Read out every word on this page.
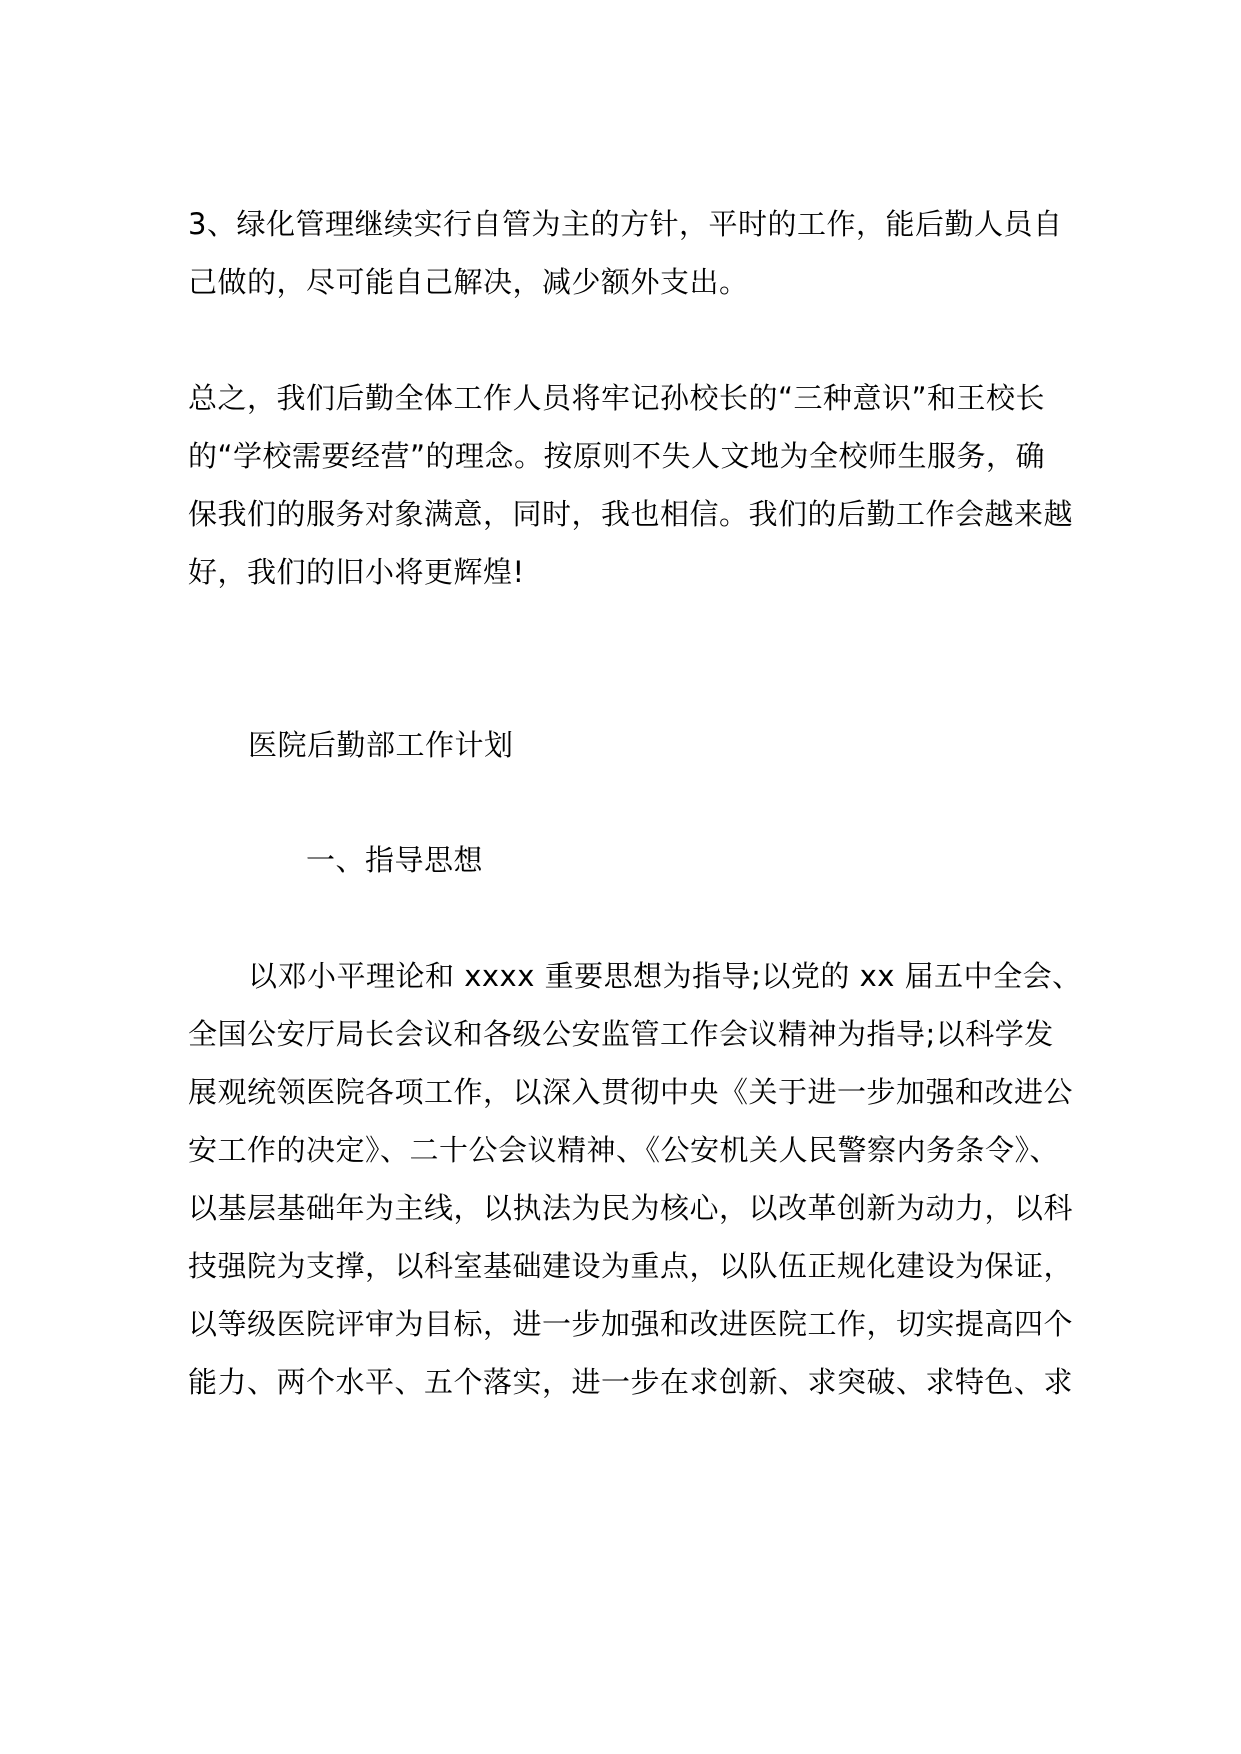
3、绿化管理继续实行自管为主的方针，平时的工作，能后勤人员自
己做的，尽可能自己解决，减少额外支出。
总之，我们后勤全体工作人员将牢记孙校长的“三种意识”和王校长
的“学校需要经营”的理念。按原则不失人文地为全校师生服务，确
保我们的服务对象满意，同时，我也相信。我们的后勤工作会越来越
好，我们的旧小将更辉煌!
医院后勤部工作计划
一、指导思想
以邓小平理论和 xxxx 重要思想为指导;以党的 xx 届五中全会、
全国公安厅局长会议和各级公安监管工作会议精神为指导;以科学发
展观统领医院各项工作，以深入贯彻中央《关于进一步加强和改进公
安工作的决定》、二十公会议精神、《公安机关人民警察内务条令》、
以基层基础年为主线，以执法为民为核心，以改革创新为动力，以科
技强院为支撑，以科室基础建设为重点，以队伍正规化建设为保证，
以等级医院评审为目标，进一步加强和改进医院工作，切实提高四个
能力、两个水平、五个落实，进一步在求创新、求突破、求特色、求
